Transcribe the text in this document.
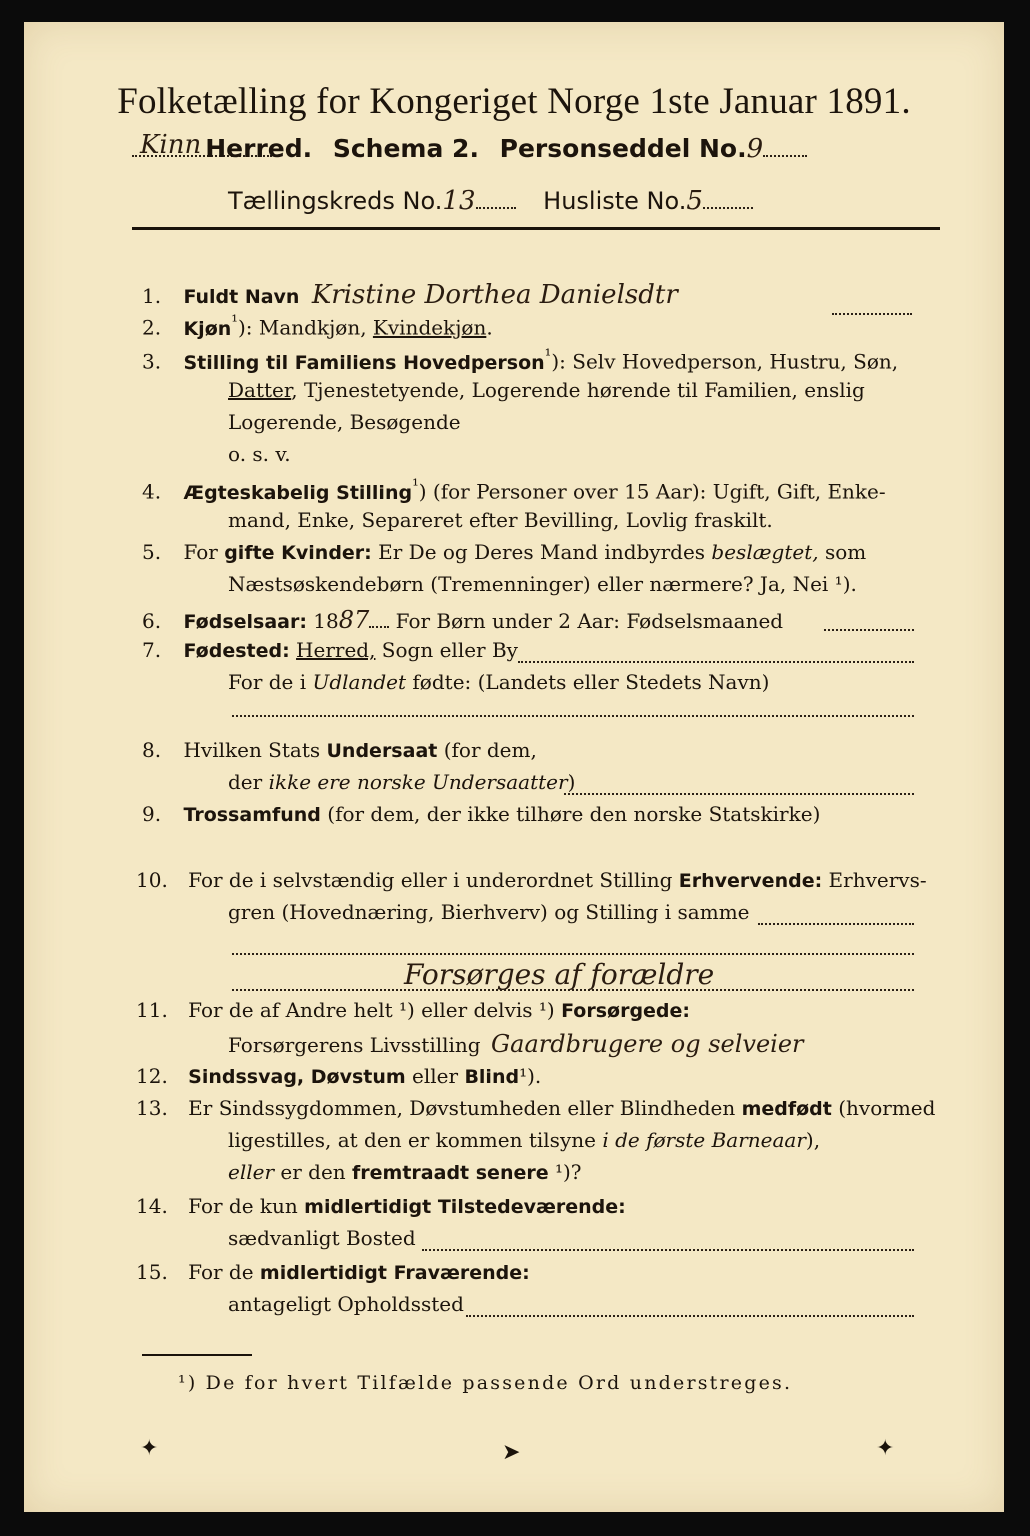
Folketælling for Kongeriget Norge 1ste Januar 1891.
Kinn Herred. Schema 2. Personseddel No.9
Tællingskreds No.13	Husliste No.5
1. Fuldt Navn Kristine Dorthea Danielsdtr
2. Kjøn$^{^1}$): Mandkjøn, Kvindekjøn.
3. Stilling til Familiens Hovedperson$^{^1}$): Selv Hovedperson, Hustru, Søn,
Datter, Tjenestetyende, Logerende hørende til Familien, enslig
Logerende, Besøgende
o. s. v.
4. Ægteskabelig Stilling$^{^1}$) (for Personer over 15 Aar): Ugift, Gift, Enke-
mand, Enke, Separeret efter Bevilling, Lovlig fraskilt.
5. For gifte Kvinder: Er De og Deres Mand indbyrdes beslægtet, som
Næstsøskendebørn (Tremenninger) eller nærmere? Ja, Nei ¹).
6. Fødselsaar: 1887 For Børn under 2 Aar: Fødselsmaaned
7. Fødested: Herred, Sogn eller By
For de i Udlandet fødte: (Landets eller Stedets Navn)
8. Hvilken Stats Undersaat (for dem,
der ikke ere norske Undersaatter)
9. Trossamfund (for dem, der ikke tilhøre den norske Statskirke)
10. For de i selvstændig eller i underordnet Stilling Erhvervende: Erhvervs-
gren (Hovednæring, Bierhverv) og Stilling i samme
Forsørges af forældre
11. For de af Andre helt ¹) eller delvis ¹) Forsørgede:
Forsørgerens Livsstilling Gaardbrugere og selveier
12. Sindssvag, Døvstum eller Blind¹).
13. Er Sindssygdommen, Døvstumheden eller Blindheden medfødt (hvormed
ligestilles, at den er kommen tilsyne i de første Barneaar),
eller er den fremtraadt senere ¹)?
14. For de kun midlertidigt Tilstedeværende:
sædvanligt Bosted
15. For de midlertidigt Fraværende:
antageligt Opholdssted
¹) De for hvert Tilfælde passende Ord understreges.
✦	➤	✦
